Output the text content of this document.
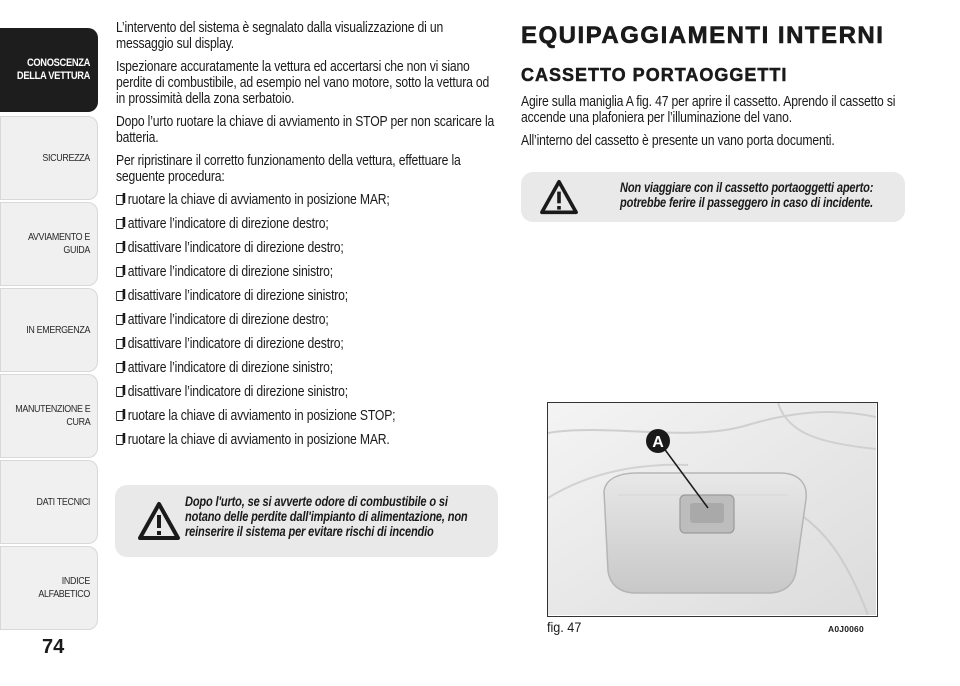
CONOSCENZA
DELLA VETTURA
SICUREZZA
AVVIAMENTO E
GUIDA
IN EMERGENZA
MANUTENZIONE E
CURA
DATI TECNICI
INDICE ALFABETICO
74

L’intervento del sistema è segnalato dalla visualizzazione di un messaggio sul display.

Ispezionare accuratamente la vettura ed accertarsi che non vi siano perdite di combustibile, ad esempio nel vano motore, sotto la vettura od in prossimità della zona serbatoio.

Dopo l’urto ruotare la chiave di avviamento in STOP per non scaricare la batteria.

Per ripristinare il corretto funzionamento della vettura, effettuare la seguente procedura:

ruotare la chiave di avviamento in posizione MAR;
attivare l’indicatore di direzione destro;
disattivare l’indicatore di direzione destro;
attivare l’indicatore di direzione sinistro;
disattivare l’indicatore di direzione sinistro;
attivare l’indicatore di direzione destro;
disattivare l’indicatore di direzione destro;
attivare l’indicatore di direzione sinistro;
disattivare l’indicatore di direzione sinistro;
ruotare la chiave di avviamento in posizione STOP;
ruotare la chiave di avviamento in posizione MAR.
Dopo l'urto, se si avverte odore di combustibile o si notano delle perdite dall'impianto di alimentazione, non reinserire il sistema per evitare rischi di incendio
EQUIPAGGIAMENTI INTERNI
CASSETTO PORTAOGGETTI

Agire sulla maniglia A fig. 47 per aprire il cassetto. Aprendo il cassetto si accende una plafoniera per l’illuminazione del vano.

All’interno del cassetto è presente un vano porta documenti.

Non viaggiare con il cassetto portaoggetti aperto: potrebbe ferire il passeggero in caso di incidente.
A
fig. 47	A0J0060
